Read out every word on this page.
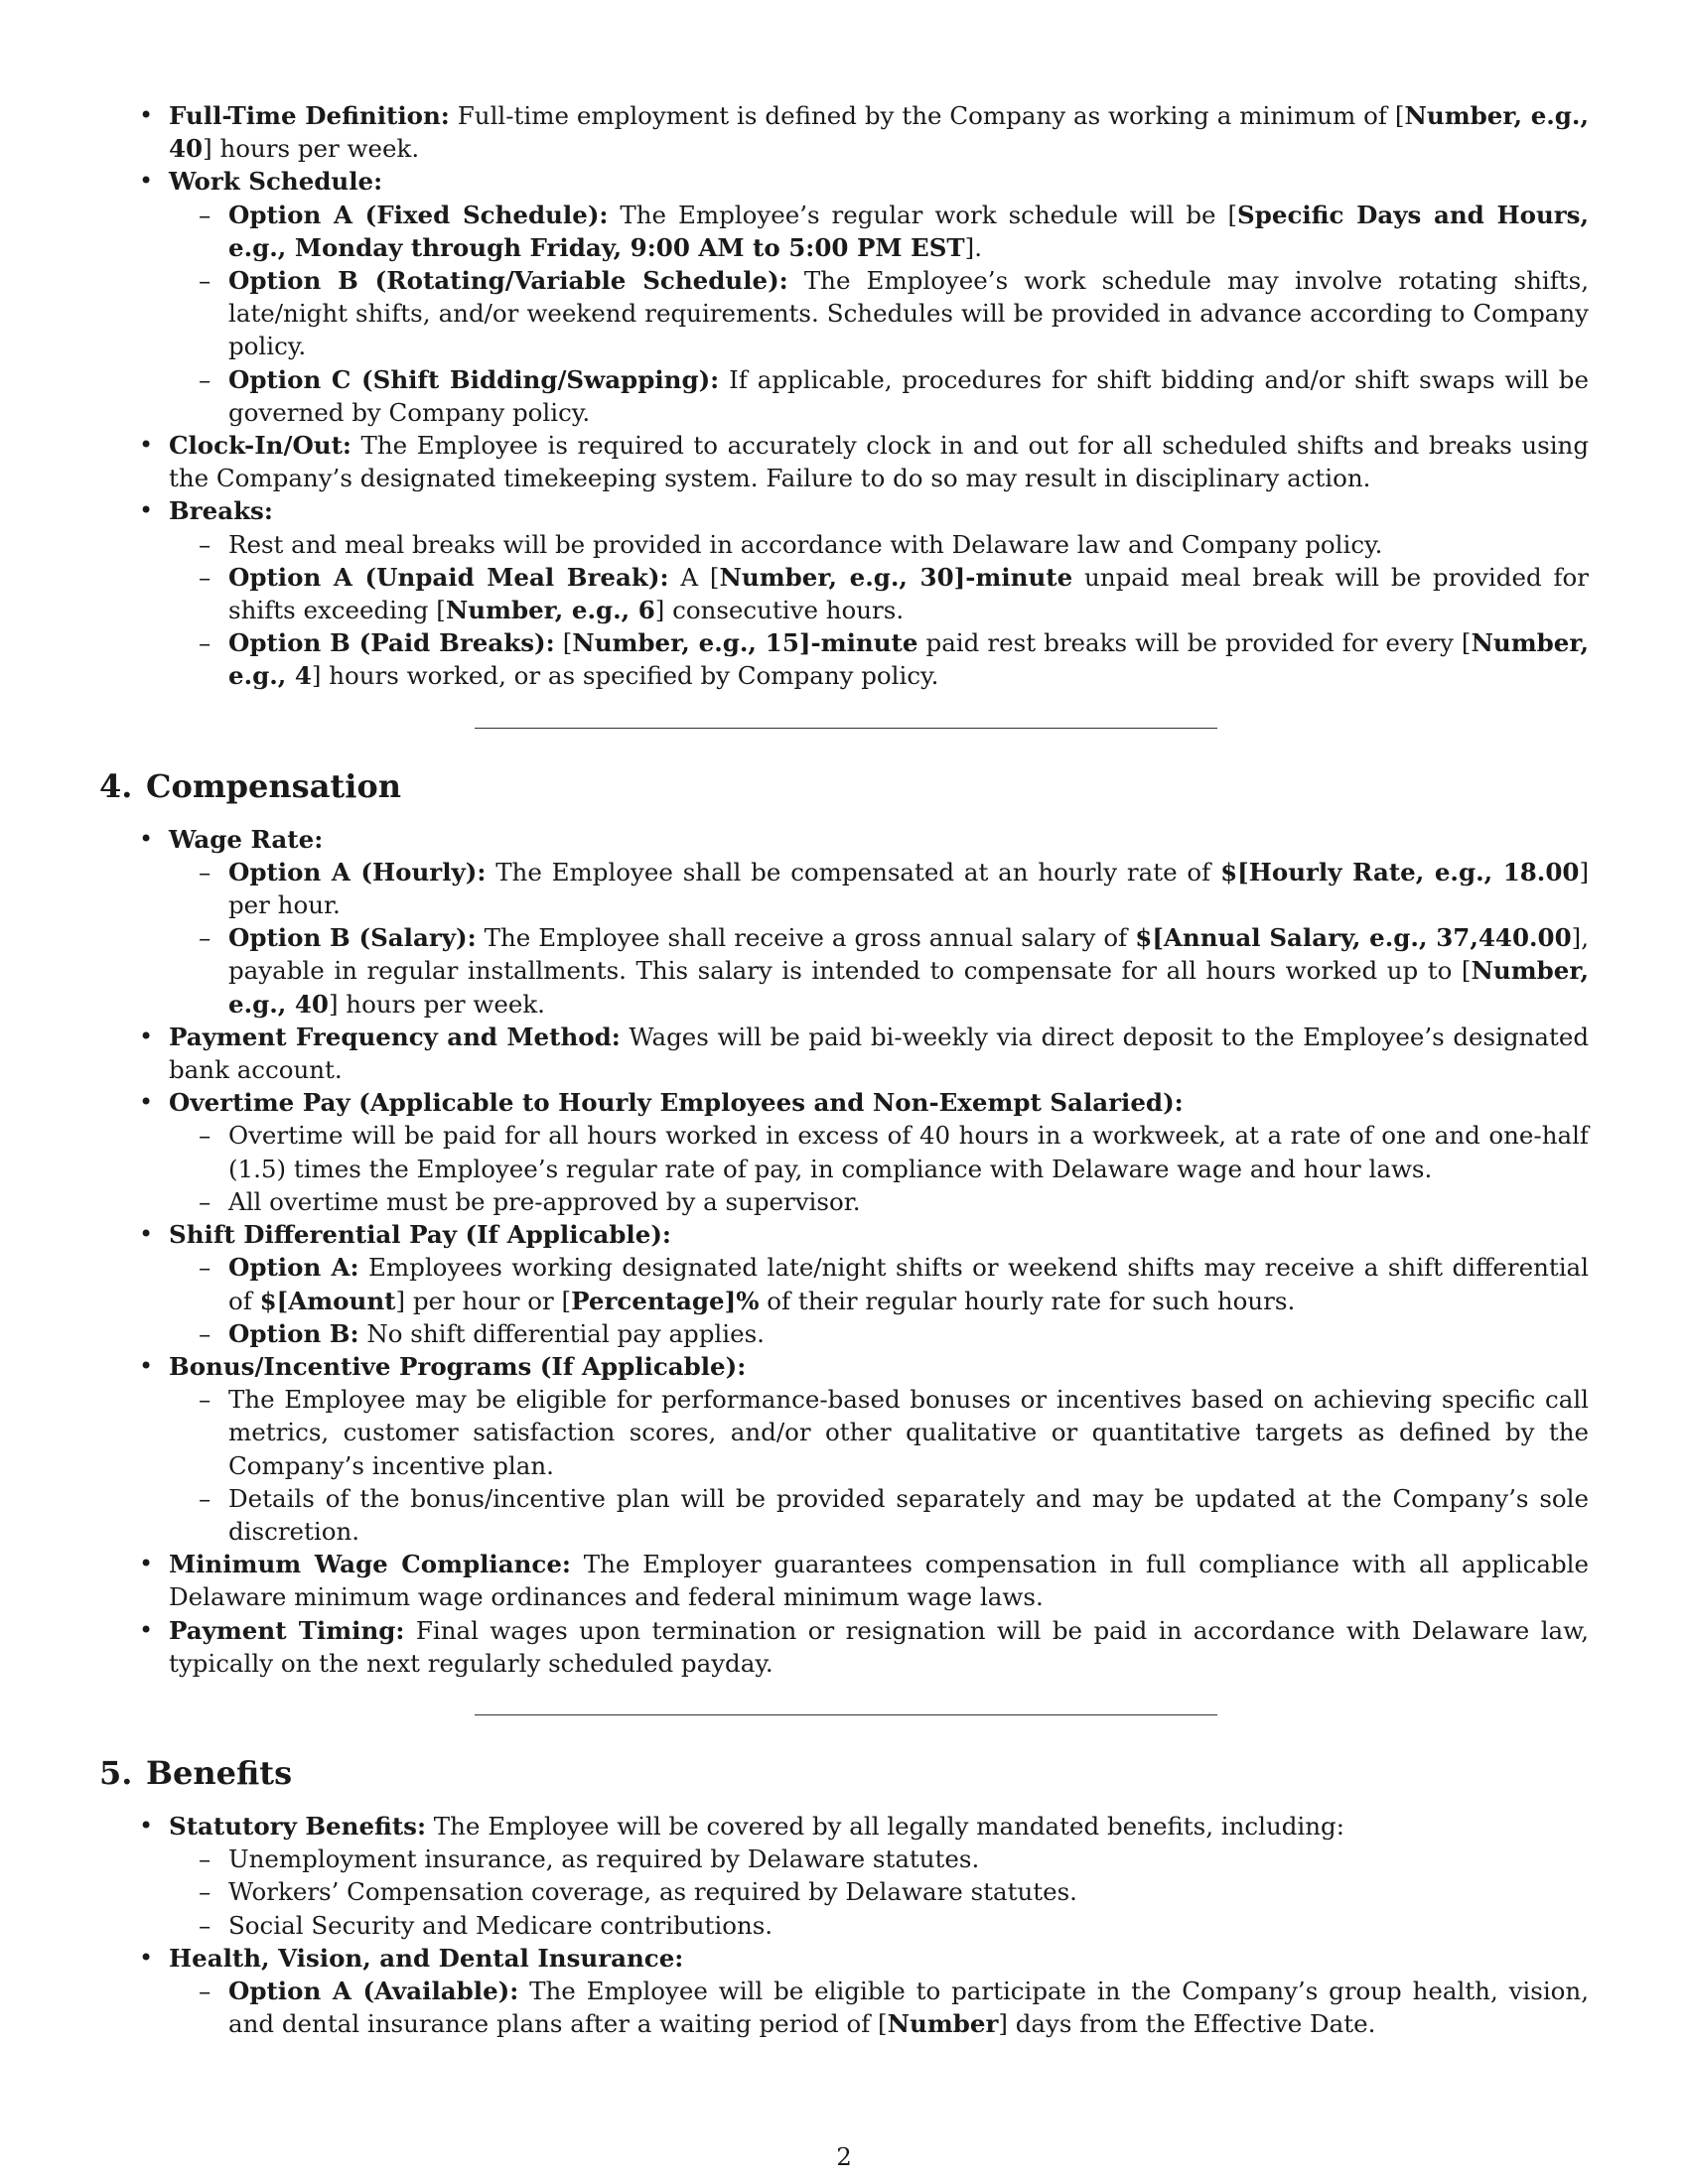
• Full-Time Definition: Full-time employment is defined by the Company as working a minimum of [Number, e.g., 40] hours per week.
• Work Schedule:
– Option A (Fixed Schedule): The Employee’s regular work schedule will be [Specific Days and Hours, e.g., Monday through Friday, 9:00 AM to 5:00 PM EST].
– Option B (Rotating/Variable Schedule): The Employee’s work schedule may involve rotating shifts, late/night shifts, and/or weekend requirements. Schedules will be provided in advance according to Company policy.
– Option C (Shift Bidding/Swapping): If applicable, procedures for shift bidding and/or shift swaps will be governed by Company policy.
• Clock-In/Out: The Employee is required to accurately clock in and out for all scheduled shifts and breaks using the Company’s designated timekeeping system. Failure to do so may result in disciplinary action.
• Breaks:
– Rest and meal breaks will be provided in accordance with Delaware law and Company policy.
– Option A (Unpaid Meal Break): A [Number, e.g., 30]-minute unpaid meal break will be provided for shifts exceeding [Number, e.g., 6] consecutive hours.
– Option B (Paid Breaks): [Number, e.g., 15]-minute paid rest breaks will be provided for every [Number, e.g., 4] hours worked, or as specified by Company policy.
4. Compensation
• Wage Rate:
– Option A (Hourly): The Employee shall be compensated at an hourly rate of $[Hourly Rate, e.g., 18.00] per hour.
– Option B (Salary): The Employee shall receive a gross annual salary of $[Annual Salary, e.g., 37,440.00], payable in regular installments. This salary is intended to compensate for all hours worked up to [Number, e.g., 40] hours per week.
• Payment Frequency and Method: Wages will be paid bi-weekly via direct deposit to the Employee’s designated bank account.
• Overtime Pay (Applicable to Hourly Employees and Non-Exempt Salaried):
– Overtime will be paid for all hours worked in excess of 40 hours in a workweek, at a rate of one and one-half (1.5) times the Employee’s regular rate of pay, in compliance with Delaware wage and hour laws.
– All overtime must be pre-approved by a supervisor.
• Shift Differential Pay (If Applicable):
– Option A: Employees working designated late/night shifts or weekend shifts may receive a shift differential of $[Amount] per hour or [Percentage]% of their regular hourly rate for such hours.
– Option B: No shift differential pay applies.
• Bonus/Incentive Programs (If Applicable):
– The Employee may be eligible for performance-based bonuses or incentives based on achieving specific call metrics, customer satisfaction scores, and/or other qualitative or quantitative targets as defined by the Company’s incentive plan.
– Details of the bonus/incentive plan will be provided separately and may be updated at the Company’s sole discretion.
• Minimum Wage Compliance: The Employer guarantees compensation in full compliance with all applicable Delaware minimum wage ordinances and federal minimum wage laws.
• Payment Timing: Final wages upon termination or resignation will be paid in accordance with Delaware law, typically on the next regularly scheduled payday.
5. Benefits
• Statutory Benefits: The Employee will be covered by all legally mandated benefits, including:
– Unemployment insurance, as required by Delaware statutes.
– Workers’ Compensation coverage, as required by Delaware statutes.
– Social Security and Medicare contributions.
• Health, Vision, and Dental Insurance:
– Option A (Available): The Employee will be eligible to participate in the Company’s group health, vision, and dental insurance plans after a waiting period of [Number] days from the Effective Date.
2
